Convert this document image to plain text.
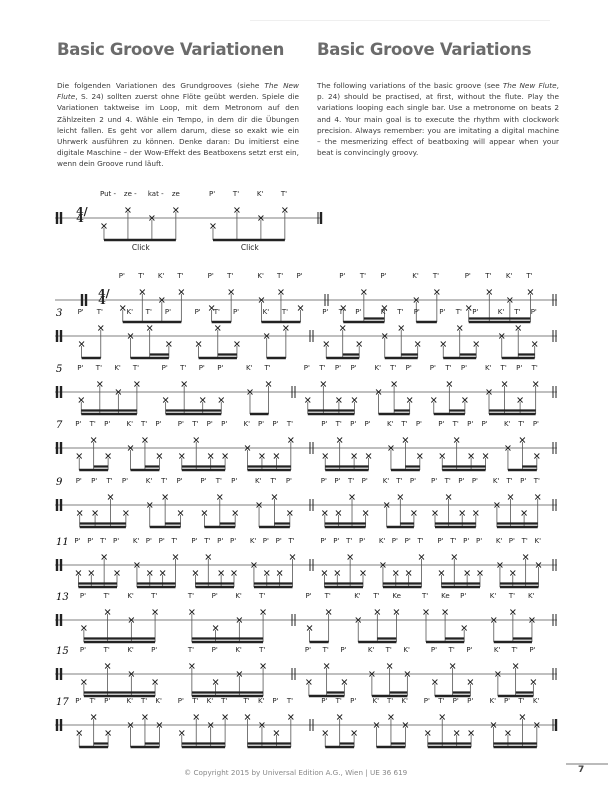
Basic Groove Variationen Basic Groove Variations
Die folgenden Variationen des Grundgrooves (siehe The New Flute, S. 24) sollten zuerst ohne Flöte geübt werden. Spiele die Variationen taktweise im Loop, mit dem Metronom auf den Zählzeiten 2 und 4. Wähle ein Tempo, in dem dir die Übungen leicht fallen. Es geht vor allem darum, diese so exakt wie ein Uhrwerk ausführen zu können. Denke daran: Du imitierst eine digitale Maschine – der Wow-Effekt des Beatboxens setzt erst ein, wenn dein Groove rund läuft.
The following variations of the basic groove (see The New Flute, p. 24) should be practised, at first, without the flute. Play the variations looping each single bar. Use a metronome on beats 2 and 4. Your main goal is to execute the rhythm with clockwork precision. Always remember: you are imitating a digital machine – the mesmerizing effect of beatboxing will appear when your beat is convincingly groovy.
Put - ze - kat - ze
Click
P'	T'	K' T'
Click
P' T' K' T'	P' T'	K' T' P'	P' T' P'	K' T'	P' T' K' T'
3 P' T'	K' T' P'	P' T' P'	K' T'	P' T' P'	K' T' P'	P' T' P'	K' T' P'
5 P' T' K' T'	P' T' P' P'	K' T'	P' T' P' P'	K' T' P'	P' T' P'	K' T' P' T'
7 P' T' P' K' T' P' P' T' P' P' K' P' P' T'	P' T' P' P' K' T' P' P' T' P' P' K' T' P'
9 P' P' T' P'	K' T' P'	P' T' P'	K' T' P'	P' P' T' P' K' T' P' P' T' P' P' K' T' P' T'
11 P' P' T' P' K' P' P' T' P' T' P' P' K' P' P' T'	P' P' T' P' K' P' P' T' P' T' P' P' K' P' T' K'
13 P'	T'	K' T'	T'	P'	K' T'	P' T'	K' T' Ke	T' Ke P'	K' T' K'
15 P'	T'	K' P'	T'	P'	K' T'	P' T' P'	K' T' K'	P' T' P'	K' T' P'
17 P' T' P' K' T' K' P' T' K' T' T' K' P' T'	P' T' P' K' T' K' P' T' P' P' K' P' T' K'
4/4
4/4
© Copyright 2015 by Universal Edition A.G., Wien | UE 36 619	7
